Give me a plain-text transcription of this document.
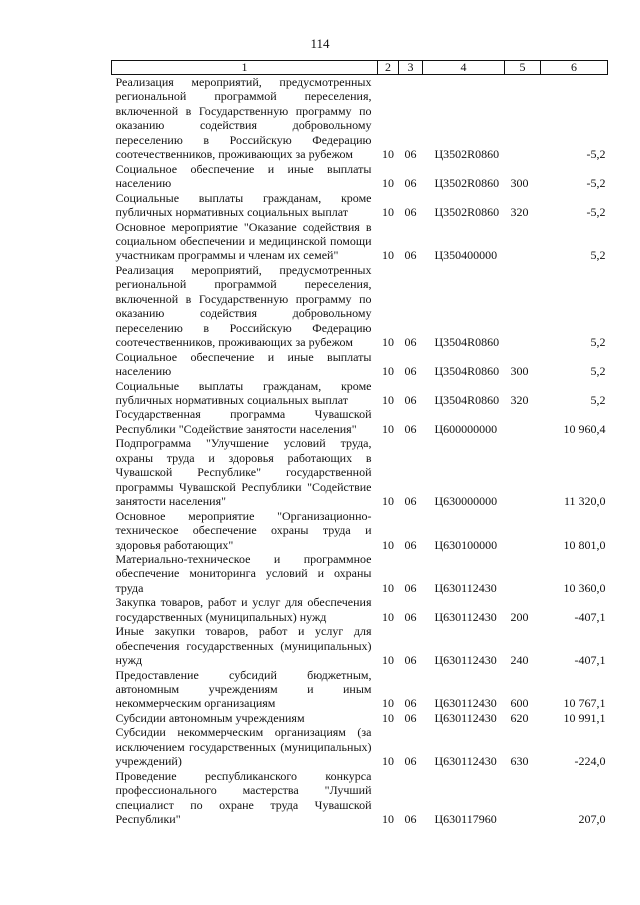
114
1	2	3	4	5	6
Реализация мероприятий, предусмотренных региональной программой переселения, включенной в Государственную программу по оказанию содействия добровольному переселению в Российскую Федерацию соотечественников, проживающих за рубежом	10	06	Ц3502R0860		-5,2
Социальное обеспечение и иные выплаты населению	10	06	Ц3502R0860	300	-5,2
Социальные выплаты гражданам, кроме публичных нормативных социальных выплат	10	06	Ц3502R0860	320	-5,2
Основное мероприятие "Оказание содействия в социальном обеспечении и медицинской помощи участникам программы и членам их семей"	10	06	Ц350400000		5,2
Реализация мероприятий, предусмотренных региональной программой переселения, включенной в Государственную программу по оказанию содействия добровольному переселению в Российскую Федерацию соотечественников, проживающих за рубежом	10	06	Ц3504R0860		5,2
Социальное обеспечение и иные выплаты населению	10	06	Ц3504R0860	300	5,2
Социальные выплаты гражданам, кроме публичных нормативных социальных выплат	10	06	Ц3504R0860	320	5,2
Государственная программа Чувашской Республики "Содействие занятости населения"	10	06	Ц600000000		10 960,4
Подпрограмма "Улучшение условий труда, охраны труда и здоровья работающих в Чувашской Республике" государственной программы Чувашской Республики "Содействие занятости населения"	10	06	Ц630000000		11 320,0
Основное мероприятие "Организационно-техническое обеспечение охраны труда и здоровья работающих"	10	06	Ц630100000		10 801,0
Материально-техническое и программное обеспечение мониторинга условий и охраны труда	10	06	Ц630112430		10 360,0
Закупка товаров, работ и услуг для обеспечения государственных (муниципальных) нужд	10	06	Ц630112430	200	-407,1
Иные закупки товаров, работ и услуг для обеспечения государственных (муниципальных) нужд	10	06	Ц630112430	240	-407,1
Предоставление субсидий бюджетным, автономным учреждениям и иным некоммерческим организациям	10	06	Ц630112430	600	10 767,1
Субсидии автономным учреждениям	10	06	Ц630112430	620	10 991,1
Субсидии некоммерческим организациям (за исключением государственных (муниципальных) учреждений)	10	06	Ц630112430	630	-224,0
Проведение республиканского конкурса профессионального мастерства "Лучший специалист по охране труда Чувашской Республики"	10	06	Ц630117960		207,0
